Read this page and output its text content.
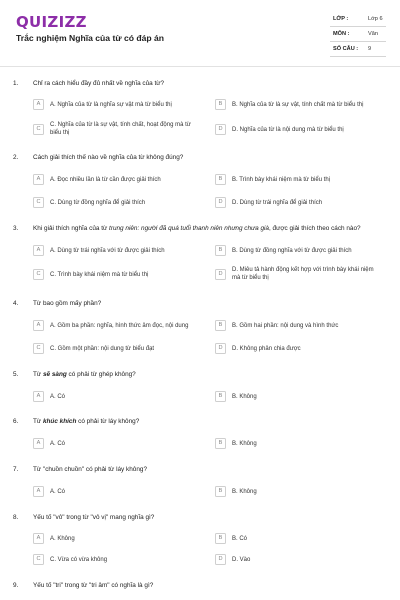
QUIZIZZ
Trắc nghiệm Nghĩa của từ có đáp án
LỚP :	Lớp 6
MÔN :	Văn
SỐ CÂU : 9
1. Chỉ ra cách hiểu đầy đủ nhất về nghĩa của từ?
A	A. Nghĩa của từ là nghĩa sự vật mà từ biểu thị	B	B. Nghĩa của từ là sự vật, tính chất mà từ biểu thị
C
C. Nghĩa của từ là sự vật, tính chất, hoạt động mà từ biểu thị
D	D. Nghĩa của từ là nội dung mà từ biểu thị
2. Cách giải thích thế nào về nghĩa của từ không đúng?
A	A. Đọc nhiều lần là từ cần được giải thích	B	B. Trình bày khái niệm mà từ biểu thị
C	C. Dùng từ đồng nghĩa để giải thích	D	D. Dùng từ trái nghĩa để giải thích
3. Khi giải thích nghĩa của từ trung niên: người đã quá tuổi thanh niên nhưng chưa già, được giải thích theo cách nào?
A	A. Dùng từ trái nghĩa với từ được giải thích	B	B. Dùng từ đồng nghĩa với từ được giải thích
C	C. Trình bày khái niệm mà từ biểu thị	D
D. Miêu tả hành động kết hợp với trình bày khái niệm mà từ biểu thị
4. Từ bao gồm mấy phần?
A	A. Gồm ba phần: nghĩa, hình thức âm đọc, nội dung	B	B. Gồm hai phần: nội dung và hình thức
C	C. Gồm một phần: nội dung từ biểu đạt	D	D. Không phân chia được
5. Từ sẽ sàng có phải từ ghép không?
A	A. Có	B	B. Không
6. Từ khúc khích có phải từ láy không?
A	A. Có	B	B. Không
7. Từ "chuồn chuồn" có phải từ láy không?
A	A. Có	B	B. Không
8. Yếu tố "vô" trong từ "vô vị" mang nghĩa gì?
A	A. Không	B	B. Có
C	C. Vừa có vừa không	D	D. Vào
9. Yếu tố "tri" trong từ "tri âm" có nghĩa là gì?
